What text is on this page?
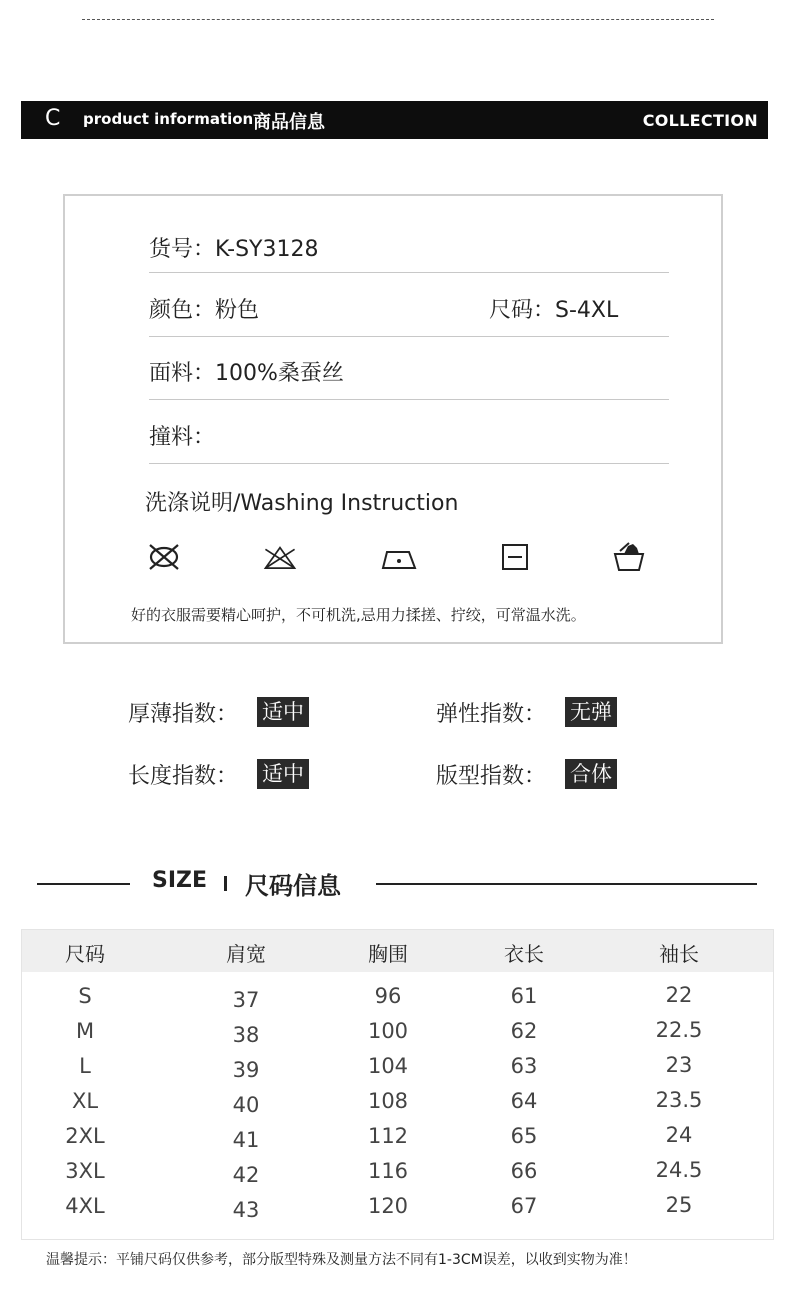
C	product information 商品信息	COLLECTION
货号：K-SY3128
颜色：粉色	尺码：S-4XL
面料：100%桑蚕丝
撞料：
洗涤说明/Washing Instruction
好的衣服需要精心呵护，不可机洗,忌用力揉搓、拧绞，可常温水洗。
厚薄指数： 适中	弹性指数： 无弹
长度指数： 适中	版型指数： 合体
SIZE 尺码信息
尺码	肩宽	胸围	衣长	袖长
S	37	96	61	22
M	38	100	62	22.5
L	39	104	63	23
XL	40	108	64	23.5
2XL	41	112	65	24
3XL	42	116	66	24.5
4XL	43	120	67	25
温馨提示：平铺尺码仅供参考，部分版型特殊及测量方法不同有1-3CM误差，以收到实物为准！
